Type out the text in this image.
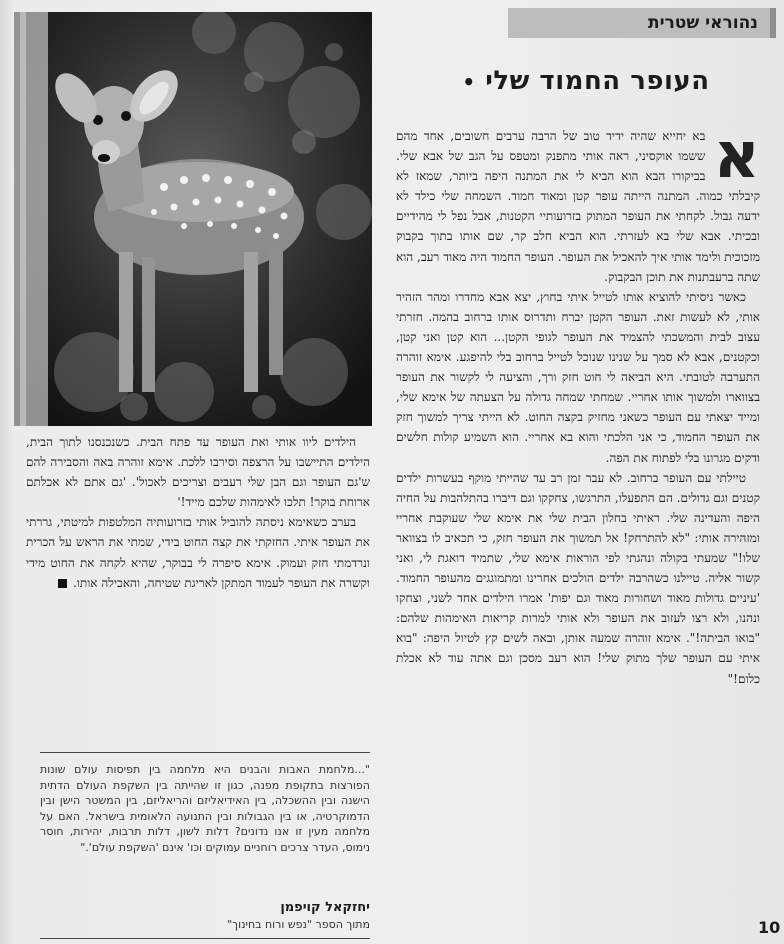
נהוראי שטרית
העופר החמוד שלי •
א

בא יחייא שהיה ידיד טוב של הרבה ערבים חשובים, אחד מהם ששמו אוקסיני, ראה אותי מתפנק ומטפס על הגב של אבא שלי. בביקורו הבא הוא הביא לי את המתנה היפה ביותר, שמאז לא קיבלתי כמוה. המתנה הייתה עופר קטן ומאוד חמוד. השמחה שלי כילד לא ידעה גבול. לקחתי את העופר המתוק בזרועותיי הקטנות, אבל נפל לי מהידיים ובכיתי. אבא שלי בא לעזרתי. הוא הביא חלב קר, שם אותו בתוך בקבוק מזכוכית ולימד אותי איך להאכיל את העופר. העופר החמוד היה מאוד רעב, הוא שתה ברעבתנות את תוכן הבקבוק.

כאשר ניסיתי להוציא אותו לטייל איתי בחוץ, יצא אבא מחדרו ומהר הזהיר אותי, לא לעשות זאת. העופר הקטן יברח ותדרוס אותו ברחוב בהמה. חזרתי עצוב לבית והמשכתי להצמיד את העופר לגופי הקטן... הוא קטן ואני קטן, וכקטנים, אבא לא סמך על שנינו שנוכל לטייל ברחוב בלי להיפגע. אימא זוהרה התערבה לטובתי. היא הביאה לי חוט חזק ורך, והציעה לי לקשור את העופר בצווארו ולמשוך אותו אחריי. שמחתי שמחה גדולה על הצעתה של אימא שלי, ומייד יצאתי עם העופר כשאני מחזיק בקצה החוט. לא הייתי צריך למשוך חזק את העופר החמוד, כי אני הלכתי והוא בא אחריי. הוא השמיע קולות חלשים ודקים מגרונו בלי לפתוח את הפה.

טיילתי עם העופר ברחוב. לא עבר זמן רב עד שהייתי מוקף בעשרות ילדים קטנים וגם גדולים. הם התפעלו, התרגשו, צחקקו וגם דיברו בהתלהבות על החיה היפה והעדינה שלי. ראיתי בחלון הבית שלי את אימא שלי שעוקבת אחריי ומזהירה אותי: "לא להתרחק! אל תמשוך את העופר חזק, כי תכאיב לו בצוואר שלו!" שמעתי בקולה ונהגתי לפי הוראות אימא שלי, שתמיד דואגת לי, ואני קשור אליה. טיילנו כשהרבה ילדים הולכים אחרינו ומתמוגגים מהעופר החמוד. 'עיניים גדולות מאוד ושחורות מאוד וגם יפות' אמרו הילדים אחד לשני, וצחקו ונהנו, ולא רצו לעזוב את העופר ולא אותי למרות קריאות האימהות שלהם: "בואו הביתה!". אימא זוהרה שמעה אותן, ובאה לשים קץ לטיול היפה: "בוא איתי עם העופר שלך מתוק שלי! הוא רעב מסכן וגם אתה עוד לא אכלת כלום!"

הילדים ליוו אותי ואת העופר עד פתח הבית. כשנכנסנו לתוך הבית, הילדים התיישבו על הרצפה וסירבו ללכת. אימא זוהרה באה והסבירה להם ש'גם העופר וגם הבן שלי רעבים וצריכים לאכול'. 'גם אתם לא אכלתם ארוחת בוקר! תלכו לאימהות שלכם מייד!'

בערב כשאימא ניסתה להוביל אותי בזרועותיה המלטפות למיטתי, גררתי את העופר איתי. החזקתי את קצה החוט בידי, שמתי את הראש על הכרית ונרדמתי חזק ועמוק. אימא סיפרה לי בבוקר, שהיא לקחה את החוט מידי וקשרה את העופר לעמוד המתקן לאריגת שטיחה, והאכילה אותו.

"...מלחמת האבות והבנים היא מלחמה בין תפיסות עולם שונות הפורצות בתקופת מפנה, כגון זו שהייתה בין השקפת העולם הדתית הישנה ובין ההשכלה, בין האידיאליזם והריאליזם, בין המשטר הישן ובין הדמוקרטיה, או בין הגבולות ובין התנועה הלאומית בישראל. האם על מלחמה מעין זו אנו נדונים? דלות לשון, דלות תרבות, יהירות, חוסר נימוס, העדר צרכים רוחניים עמוקים וכו' אינם 'השקפת עולם'."
יחזקאל קויפמן
מתוך הספר "נפש ורוח בחינוך"	10
